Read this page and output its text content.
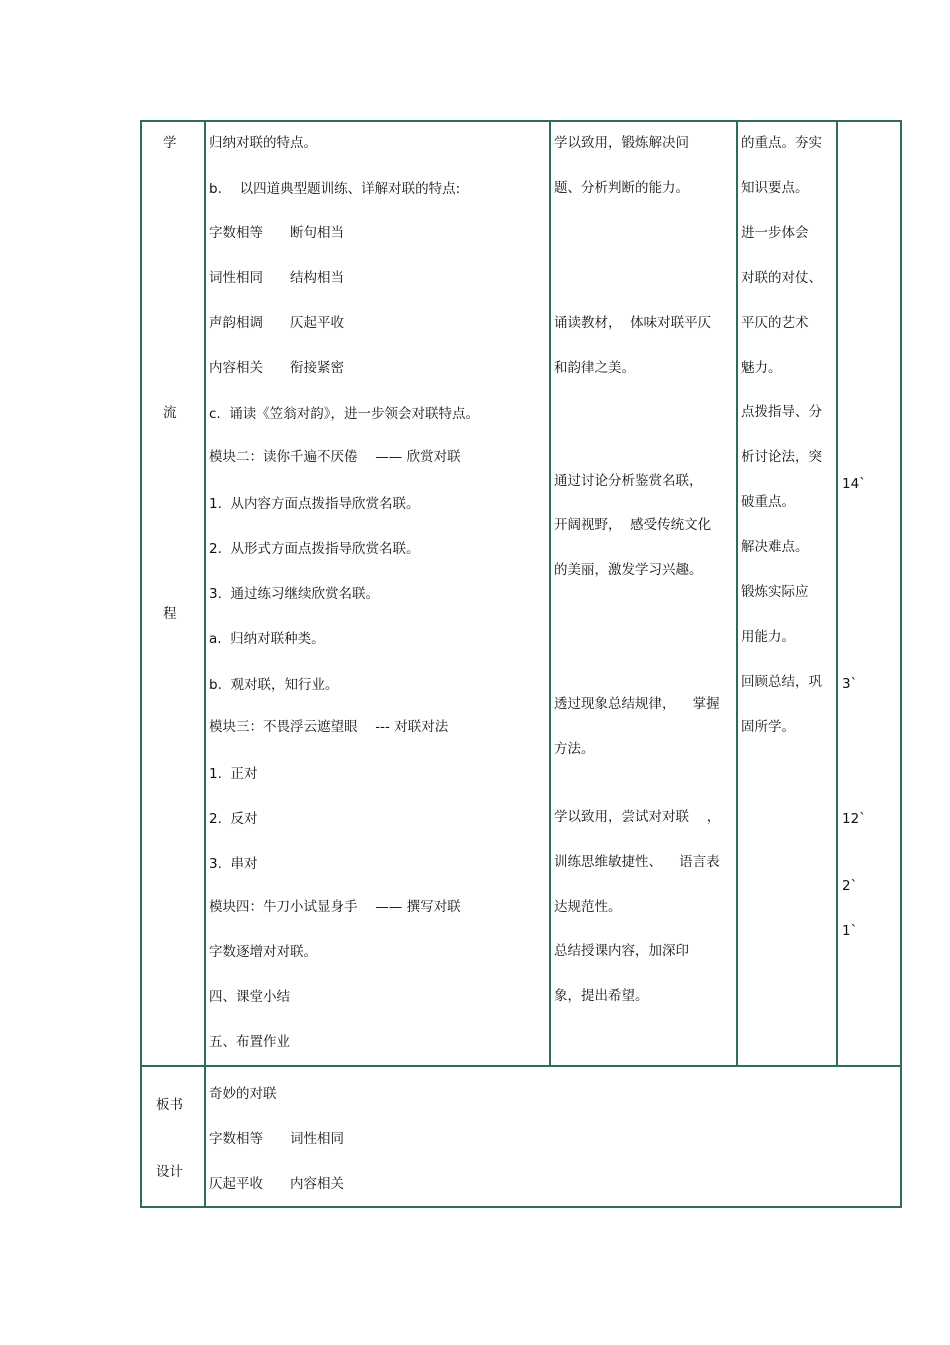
学
流
程
归纳对联的特点。
b.　 以四道典型题训练、详解对联的特点:
字数相等　　断句相当
词性相同　　结构相当
声韵相调　　仄起平收
内容相关　　衔接紧密
c.  诵读《笠翁对韵》，进一步领会对联特点。
模块二：读你千遍不厌倦　 —— 欣赏对联
1.  从内容方面点拨指导欣赏名联。
2.  从形式方面点拨指导欣赏名联。
3.  通过练习继续欣赏名联。
a.  归纳对联种类。
b.  观对联，知行业。
模块三：不畏浮云遮望眼　 --- 对联对法
1.  正对
2.  反对
3.  串对
模块四：牛刀小试显身手　 —— 撰写对联
字数逐增对对联。
四、课堂小结
五、布置作业
学以致用，锻炼解决问
题、分析判断的能力。
诵读教材，  体味对联平仄
和韵律之美。
通过讨论分析鉴赏名联，
开阔视野，  感受传统文化
的美丽，激发学习兴趣。
透过现象总结规律，    掌握
方法。
学以致用，尝试对对联　 ，
训练思维敏捷性、    语言表
达规范性。
总结授课内容，加深印
象，提出希望。
的重点。夯实
知识要点。
进一步体会
对联的对仗、
平仄的艺术
魅力。
点拨指导、分
析讨论法，突
破重点。
解决难点。
锻炼实际应
用能力。
回顾总结，巩
固所学。
14`
3`
12`
2`
1`
板书
设计
奇妙的对联
字数相等　　词性相同
仄起平收　　内容相关
